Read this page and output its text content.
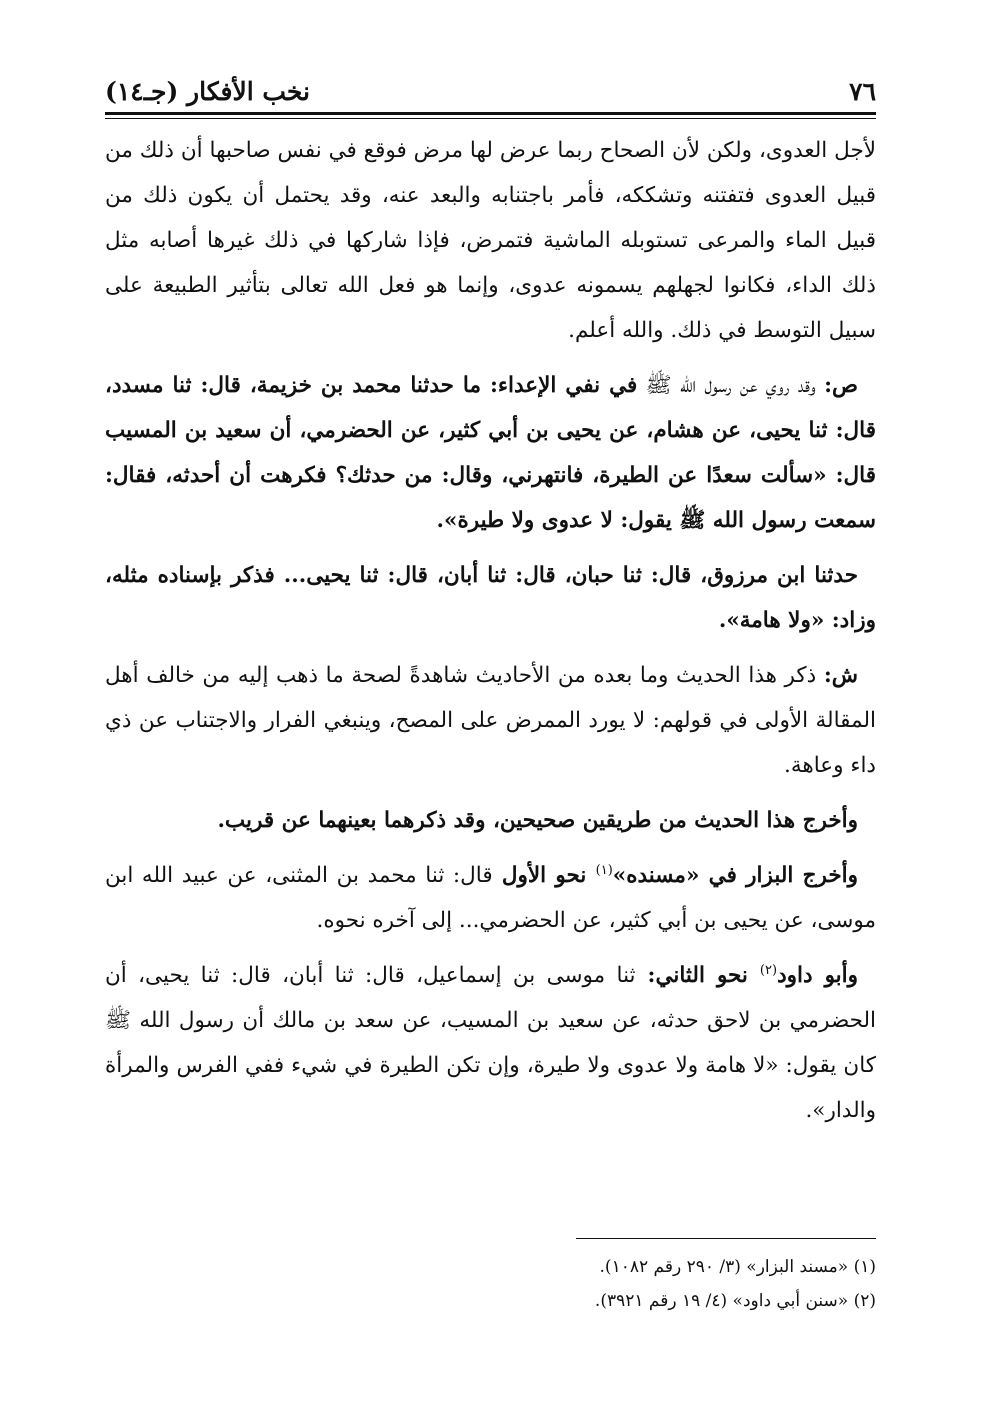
٧٦
نخب الأفكار (جـ١٤)

لأجل العدوى، ولكن لأن الصحاح ربما عرض لها مرض فوقع في نفس صاحبها أن ذلك من قبيل العدوى فتفتنه وتشككه، فأمر باجتنابه والبعد عنه، وقد يحتمل أن يكون ذلك من قبيل الماء والمرعى تستوبله الماشية فتمرض، فإذا شاركها في ذلك غيرها أصابه مثل ذلك الداء، فكانوا لجهلهم يسمونه عدوى، وإنما هو فعل الله تعالى بتأثير الطبيعة على سبيل التوسط في ذلك. والله أعلم.

ص: وقد روي عن رسول الله ﷺ في نفي الإعداء: ما حدثنا محمد بن خزيمة، قال: ثنا مسدد، قال: ثنا يحيى، عن هشام، عن يحيى بن أبي كثير، عن الحضرمي، أن سعيد بن المسيب قال: «سألت سعدًا عن الطيرة، فانتهرني، وقال: من حدثك؟ فكرهت أن أحدثه، فقال: سمعت رسول الله ﷺ يقول: لا عدوى ولا طيرة».

حدثنا ابن مرزوق، قال: ثنا حبان، قال: ثنا أبان، قال: ثنا يحيى... فذكر بإسناده مثله، وزاد: «ولا هامة».

ش: ذكر هذا الحديث وما بعده من الأحاديث شاهدةً لصحة ما ذهب إليه من خالف أهل المقالة الأولى في قولهم: لا يورد الممرض على المصح، وينبغي الفرار والاجتناب عن ذي داء وعاهة.

وأخرج هذا الحديث من طريقين صحيحين، وقد ذكرهما بعينهما عن قريب.

وأخرج البزار في «مسنده»$^{(١)}$ نحو الأول قال: ثنا محمد بن المثنى، عن عبيد الله ابن موسى، عن يحيى بن أبي كثير، عن الحضرمي... إلى آخره نحوه.

وأبو داود$^{(٢)}$ نحو الثاني: ثنا موسى بن إسماعيل، قال: ثنا أبان، قال: ثنا يحيى، أن الحضرمي بن لاحق حدثه، عن سعيد بن المسيب، عن سعد بن مالك أن رسول الله ﷺ كان يقول: «لا هامة ولا عدوى ولا طيرة، وإن تكن الطيرة في شيء ففي الفرس والمرأة والدار».

(١) «مسند البزار» (٣/ ٢٩٠ رقم ١٠٨٢).
(٢) «سنن أبي داود» (٤/ ١٩ رقم ٣٩٢١).
